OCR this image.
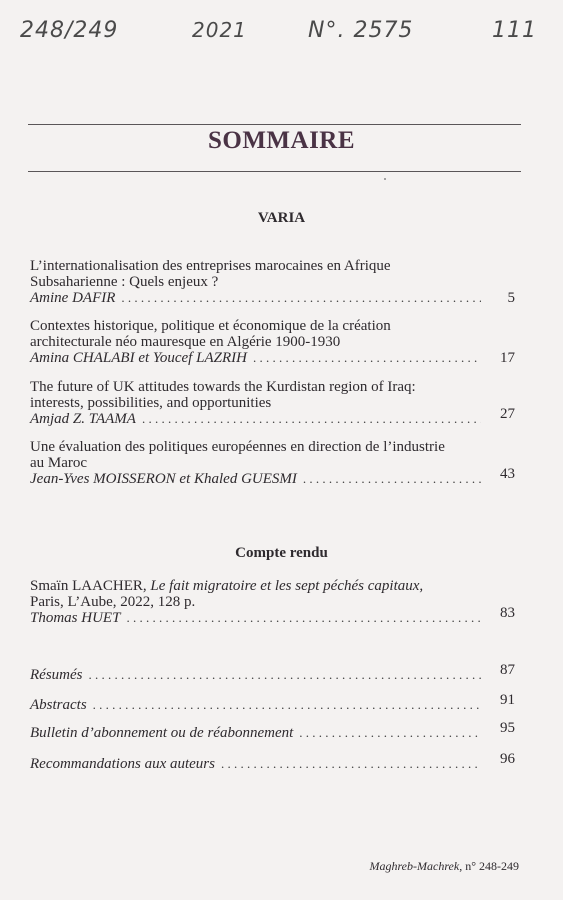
248/249	2021	N°. 2575	111
SOMMAIRE
VARIA
L’internationalisation des entreprises marocaines en Afrique
Subsaharienne : Quels enjeux ?
Amine DAFIR . . .	5
Contextes historique, politique et économique de la création
architecturale néo mauresque en Algérie 1900-1930
Amina CHALABI et Youcef LAZRIH . . .	17
The future of UK attitudes towards the Kurdistan region of Iraq:
interests, possibilities, and opportunities
Amjad Z. TAAMA . . .	27
Une évaluation des politiques européennes en direction de l’industrie
au Maroc
Jean-Yves MOISSERON et Khaled GUESMI . . .	43
Compte rendu
Smaïn LAACHER, Le fait migratoire et les sept péchés capitaux,
Paris, L’Aube, 2022, 128 p.
Thomas HUET . . .	83
Résumés . . .	87
Abstracts . . .	91
Bulletin d’abonnement ou de réabonnement . . .	95
Recommandations aux auteurs . . .	96
Maghreb-Machrek, n° 248-249
